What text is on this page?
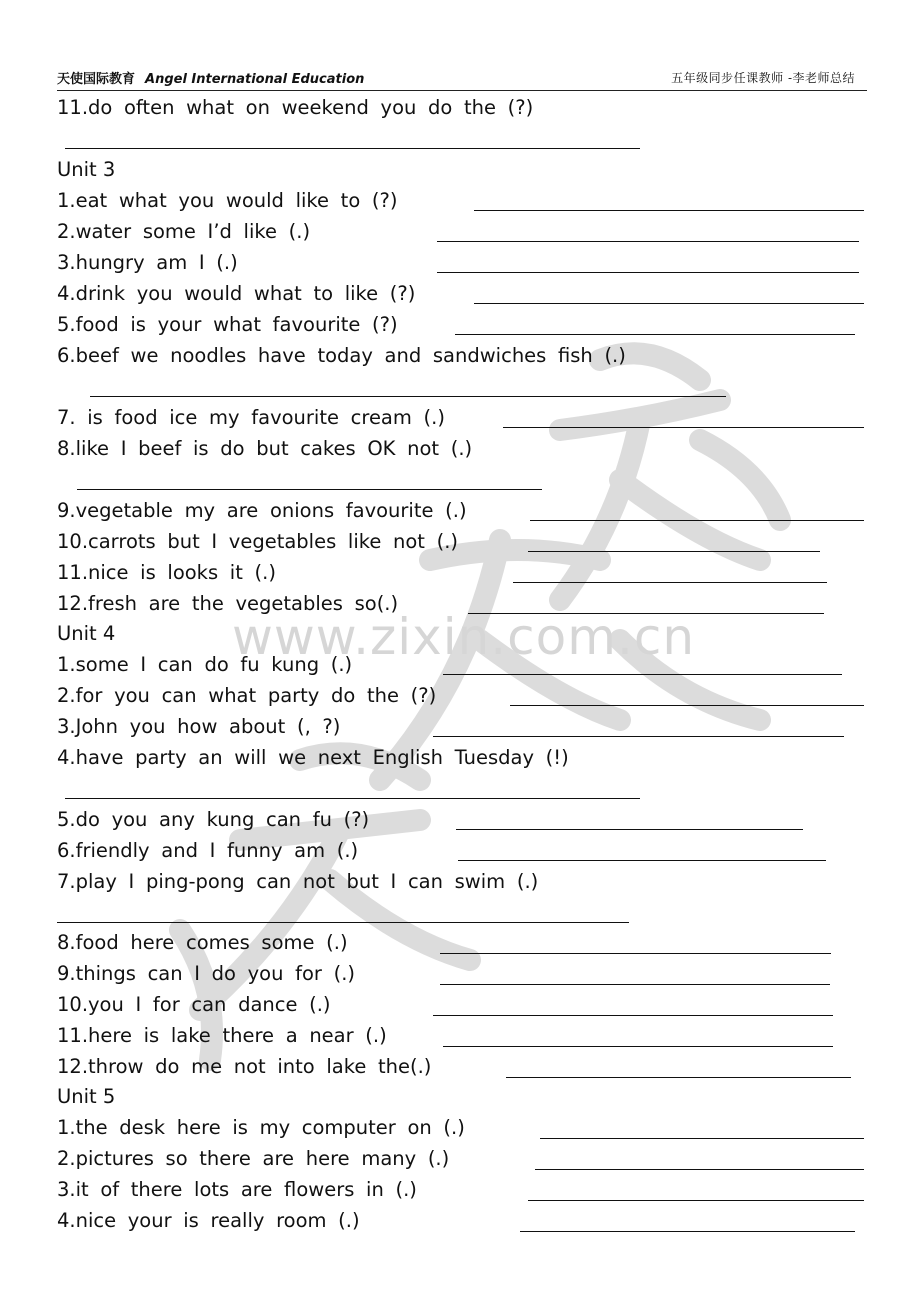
天使国际教育 Angel International Education	五年级同步任课教师 -李老师总结
www.zixin.com.cn
11.do often what on weekend you do the (?)
Unit 3
1.eat what you would like to (?)
2.water some I’d like (.)
3.hungry am I (.)
4.drink you would what to like (?)
5.food is your what favourite (?)
6.beef we noodles have today and sandwiches fish (.)
7. is food ice my favourite cream (.)
8.like I beef is do but cakes OK not (.)
9.vegetable my are onions favourite (.)
10.carrots but I vegetables like not (.)
11.nice is looks it (.)
12.fresh are the vegetables so(.)
Unit 4
1.some I can do fu kung (.)
2.for you can what party do the (?)
3.John you how about (, ?)
4.have party an will we next English Tuesday (!)
5.do you any kung can fu (?)
6.friendly and I funny am (.)
7.play I ping-pong can not but I can swim (.)
8.food here comes some (.)
9.things can I do you for (.)
10.you I for can dance (.)
11.here is lake there a near (.)
12.throw do me not into lake the(.)
Unit 5
1.the desk here is my computer on (.)
2.pictures so there are here many (.)
3.it of there lots are flowers in (.)
4.nice your is really room (.)
